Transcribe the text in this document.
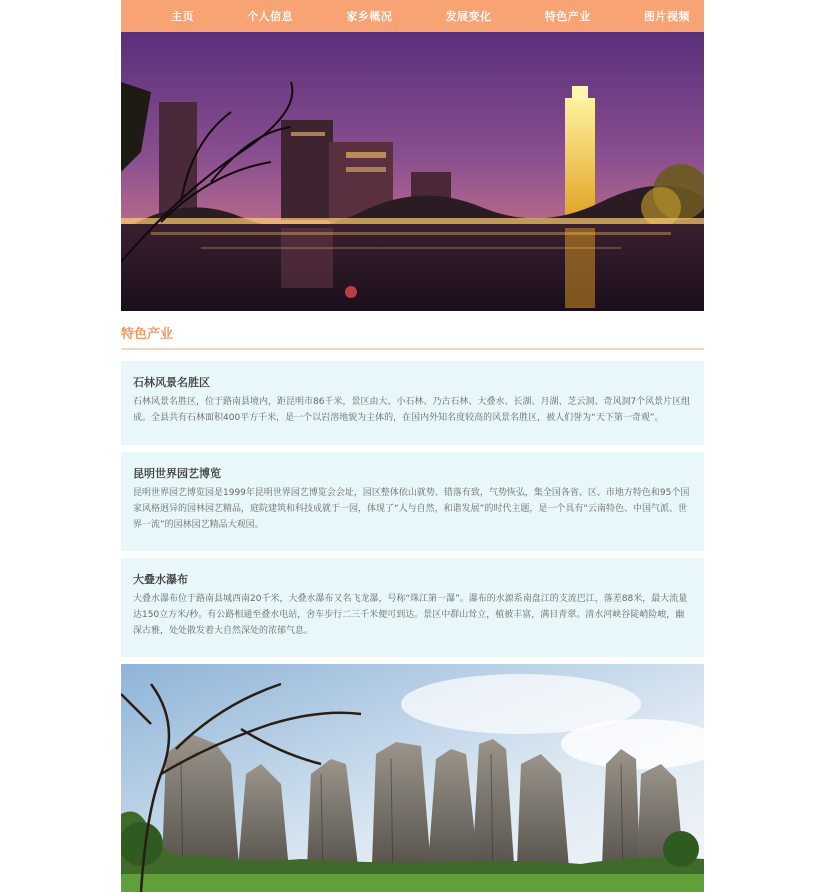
主页	个人信息	家乡概况	发展变化	特色产业	图片视频
特色产业
石林风景名胜区

石林风景名胜区，位于路南县境内，距昆明市86千米，景区由大、小石林、乃古石林、大叠水、长湖、月湖、芝云洞、奇风洞7个风景片区组成。全县共有石林面积400平方千米，是一个以岩溶地貌为主体的，在国内外知名度较高的风景名胜区，被人们誉为“天下第一奇观”。

昆明世界园艺博览

昆明世界园艺博览园是1999年昆明世界园艺博览会会址，园区整体依山就势、错落有致，气势恢弘，集全国各省、区、市地方特色和95个国家风格迥异的园林园艺精品，庭院建筑和科技成就于一园，体现了“人与自然，和谐发展”的时代主题，是一个具有“云南特色、中国气派、世界一流”的园林园艺精品大观园。

大叠水瀑布

大叠水瀑布位于路南县城西南20千米，大叠水瀑布又名飞龙瀑，号称“珠江第一瀑”。瀑布的水源系南盘江的支流巴江，落差88米，最大流量达150立方米/秒。有公路相通至叠水电站，舍车步行二三千米便可到达。景区中群山耸立，植被丰富，满目青翠。清水河峡谷陡峭险峻，幽深古雅，处处散发着大自然深处的浓郁气息。
